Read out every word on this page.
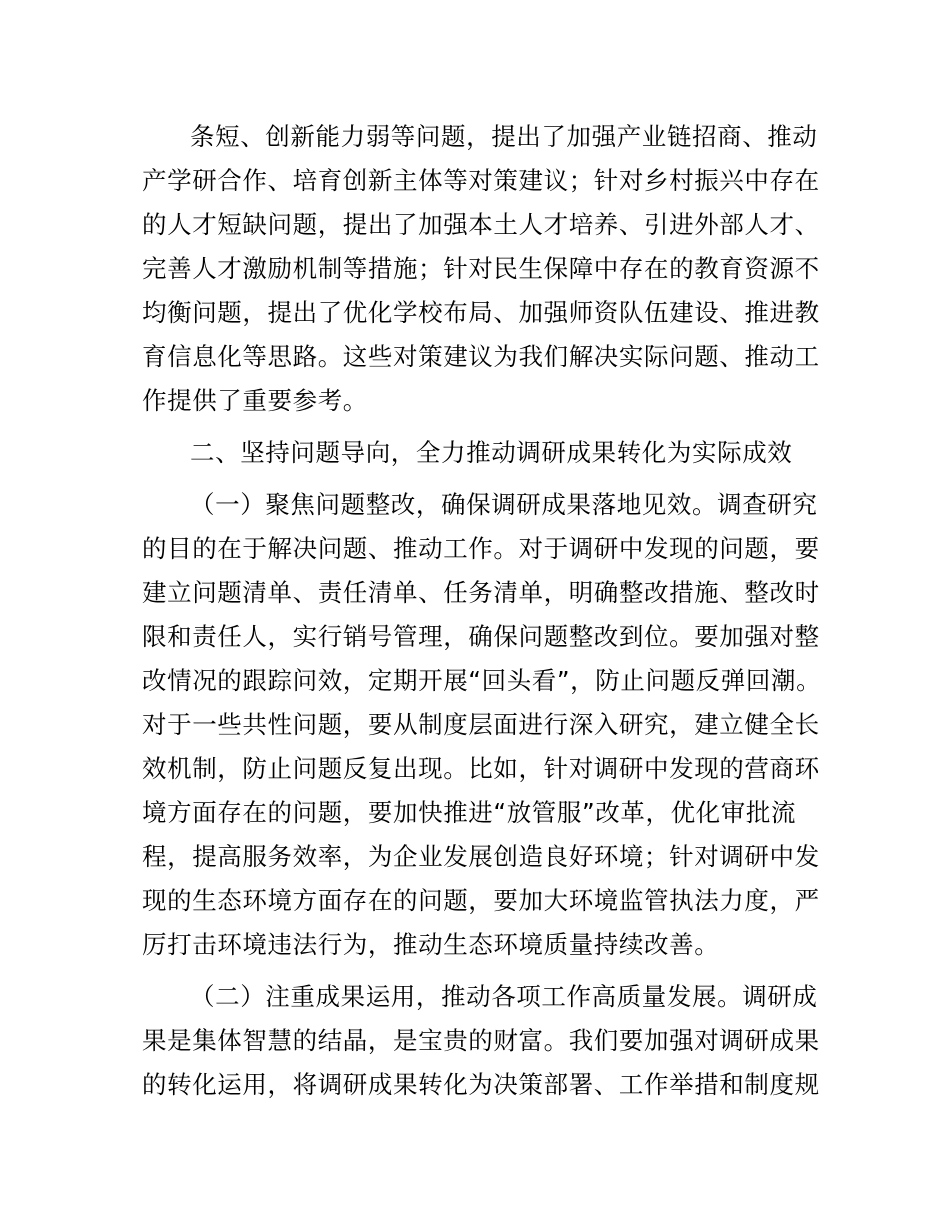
条短、创新能力弱等问题，提出了加强产业链招商、推动
产学研合作、培育创新主体等对策建议；针对乡村振兴中存在
的人才短缺问题，提出了加强本土人才培养、引进外部人才、
完善人才激励机制等措施；针对民生保障中存在的教育资源不
均衡问题，提出了优化学校布局、加强师资队伍建设、推进教
育信息化等思路。这些对策建议为我们解决实际问题、推动工
作提供了重要参考。
二、坚持问题导向，全力推动调研成果转化为实际成效
（一）聚焦问题整改，确保调研成果落地见效。调查研究
的目的在于解决问题、推动工作。对于调研中发现的问题，要
建立问题清单、责任清单、任务清单，明确整改措施、整改时
限和责任人，实行销号管理，确保问题整改到位。要加强对整
改情况的跟踪问效，定期开展“回头看”，防止问题反弹回潮。
对于一些共性问题，要从制度层面进行深入研究，建立健全长
效机制，防止问题反复出现。比如，针对调研中发现的营商环
境方面存在的问题，要加快推进“放管服”改革，优化审批流
程，提高服务效率，为企业发展创造良好环境；针对调研中发
现的生态环境方面存在的问题，要加大环境监管执法力度，严
厉打击环境违法行为，推动生态环境质量持续改善。
（二）注重成果运用，推动各项工作高质量发展。调研成
果是集体智慧的结晶，是宝贵的财富。我们要加强对调研成果
的转化运用，将调研成果转化为决策部署、工作举措和制度规
